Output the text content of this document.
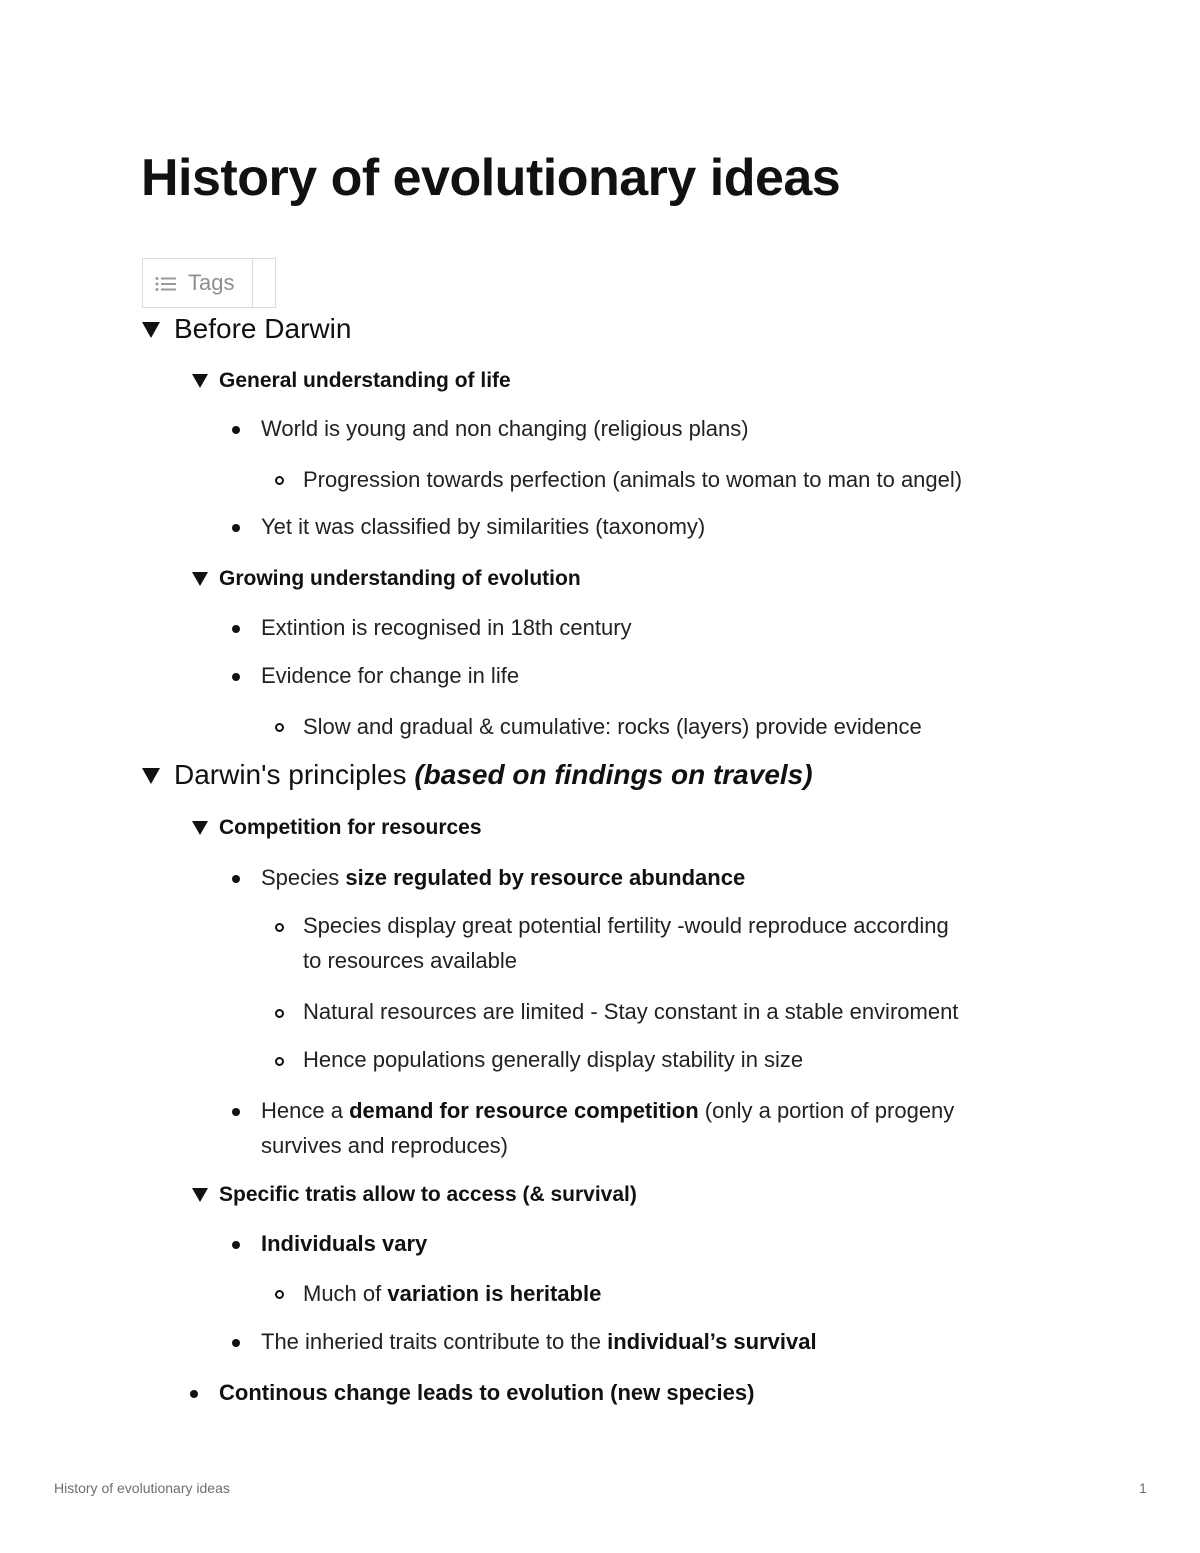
History of evolutionary ideas
Tags
Before Darwin
General understanding of life
World is young and non changing (religious plans)
Progression towards perfection (animals to woman to man to angel)
Yet it was classified by similarities (taxonomy)
Growing understanding of evolution
Extintion is recognised in 18th century
Evidence for change in life
Slow and gradual & cumulative: rocks (layers) provide evidence
Darwin's principles (based on findings on travels)
Competition for resources
Species size regulated by resource abundance
Species display great potential fertility -would reproduce according
to resources available
Natural resources are limited - Stay constant in a stable enviroment
Hence populations generally display stability in size
Hence a demand for resource competition (only a portion of progeny
survives and reproduces)
Specific tratis allow to access (& survival)
Individuals vary
Much of variation is heritable
The inheried traits contribute to the individual’s survival
Continous change leads to evolution (new species)
History of evolutionary ideas	1
